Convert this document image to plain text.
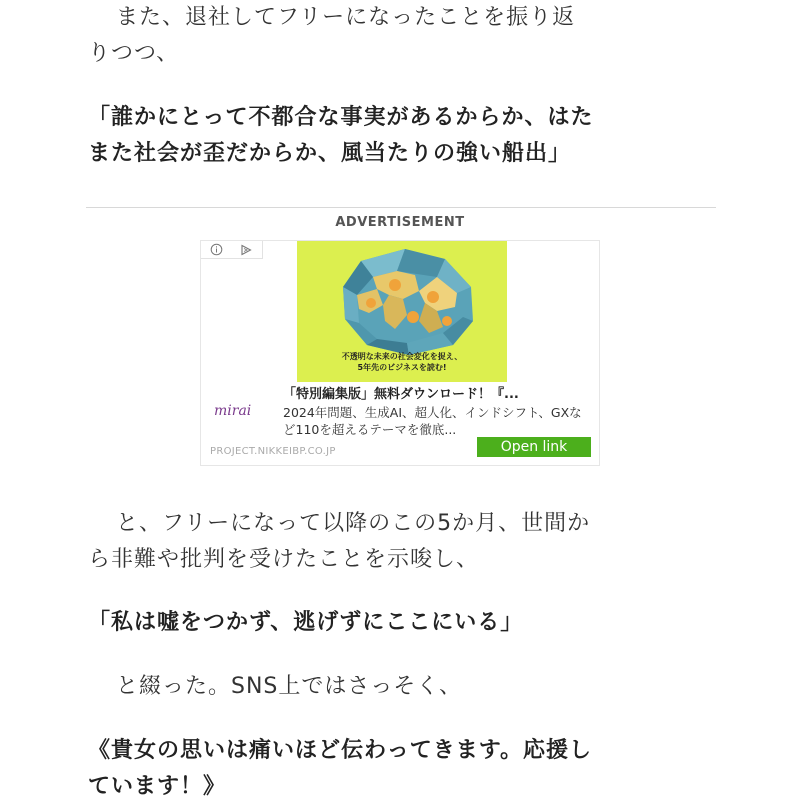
また、退社してフリーになったことを振り返
りつつ、
「誰かにとって不都合な事実があるからか、はた
また社会が歪だからか、風当たりの強い船出」
ADVERTISEMENT
不透明な未来の社会変化を捉え、
5年先のビジネスを読む!
mirai
「特別編集版」無料ダウンロード！『...
2024年問題、生成AI、超人化、インドシフト、GXなど110を超えるテーマを徹底...
PROJECT.NIKKEIBP.CO.JP	Open link
と、フリーになって以降のこの5か月、世間か
ら非難や批判を受けたことを示唆し、
「私は嘘をつかず、逃げずにここにいる」
と綴った。SNS上ではさっそく、
《貴女の思いは痛いほど伝わってきます。応援し
ています！》
